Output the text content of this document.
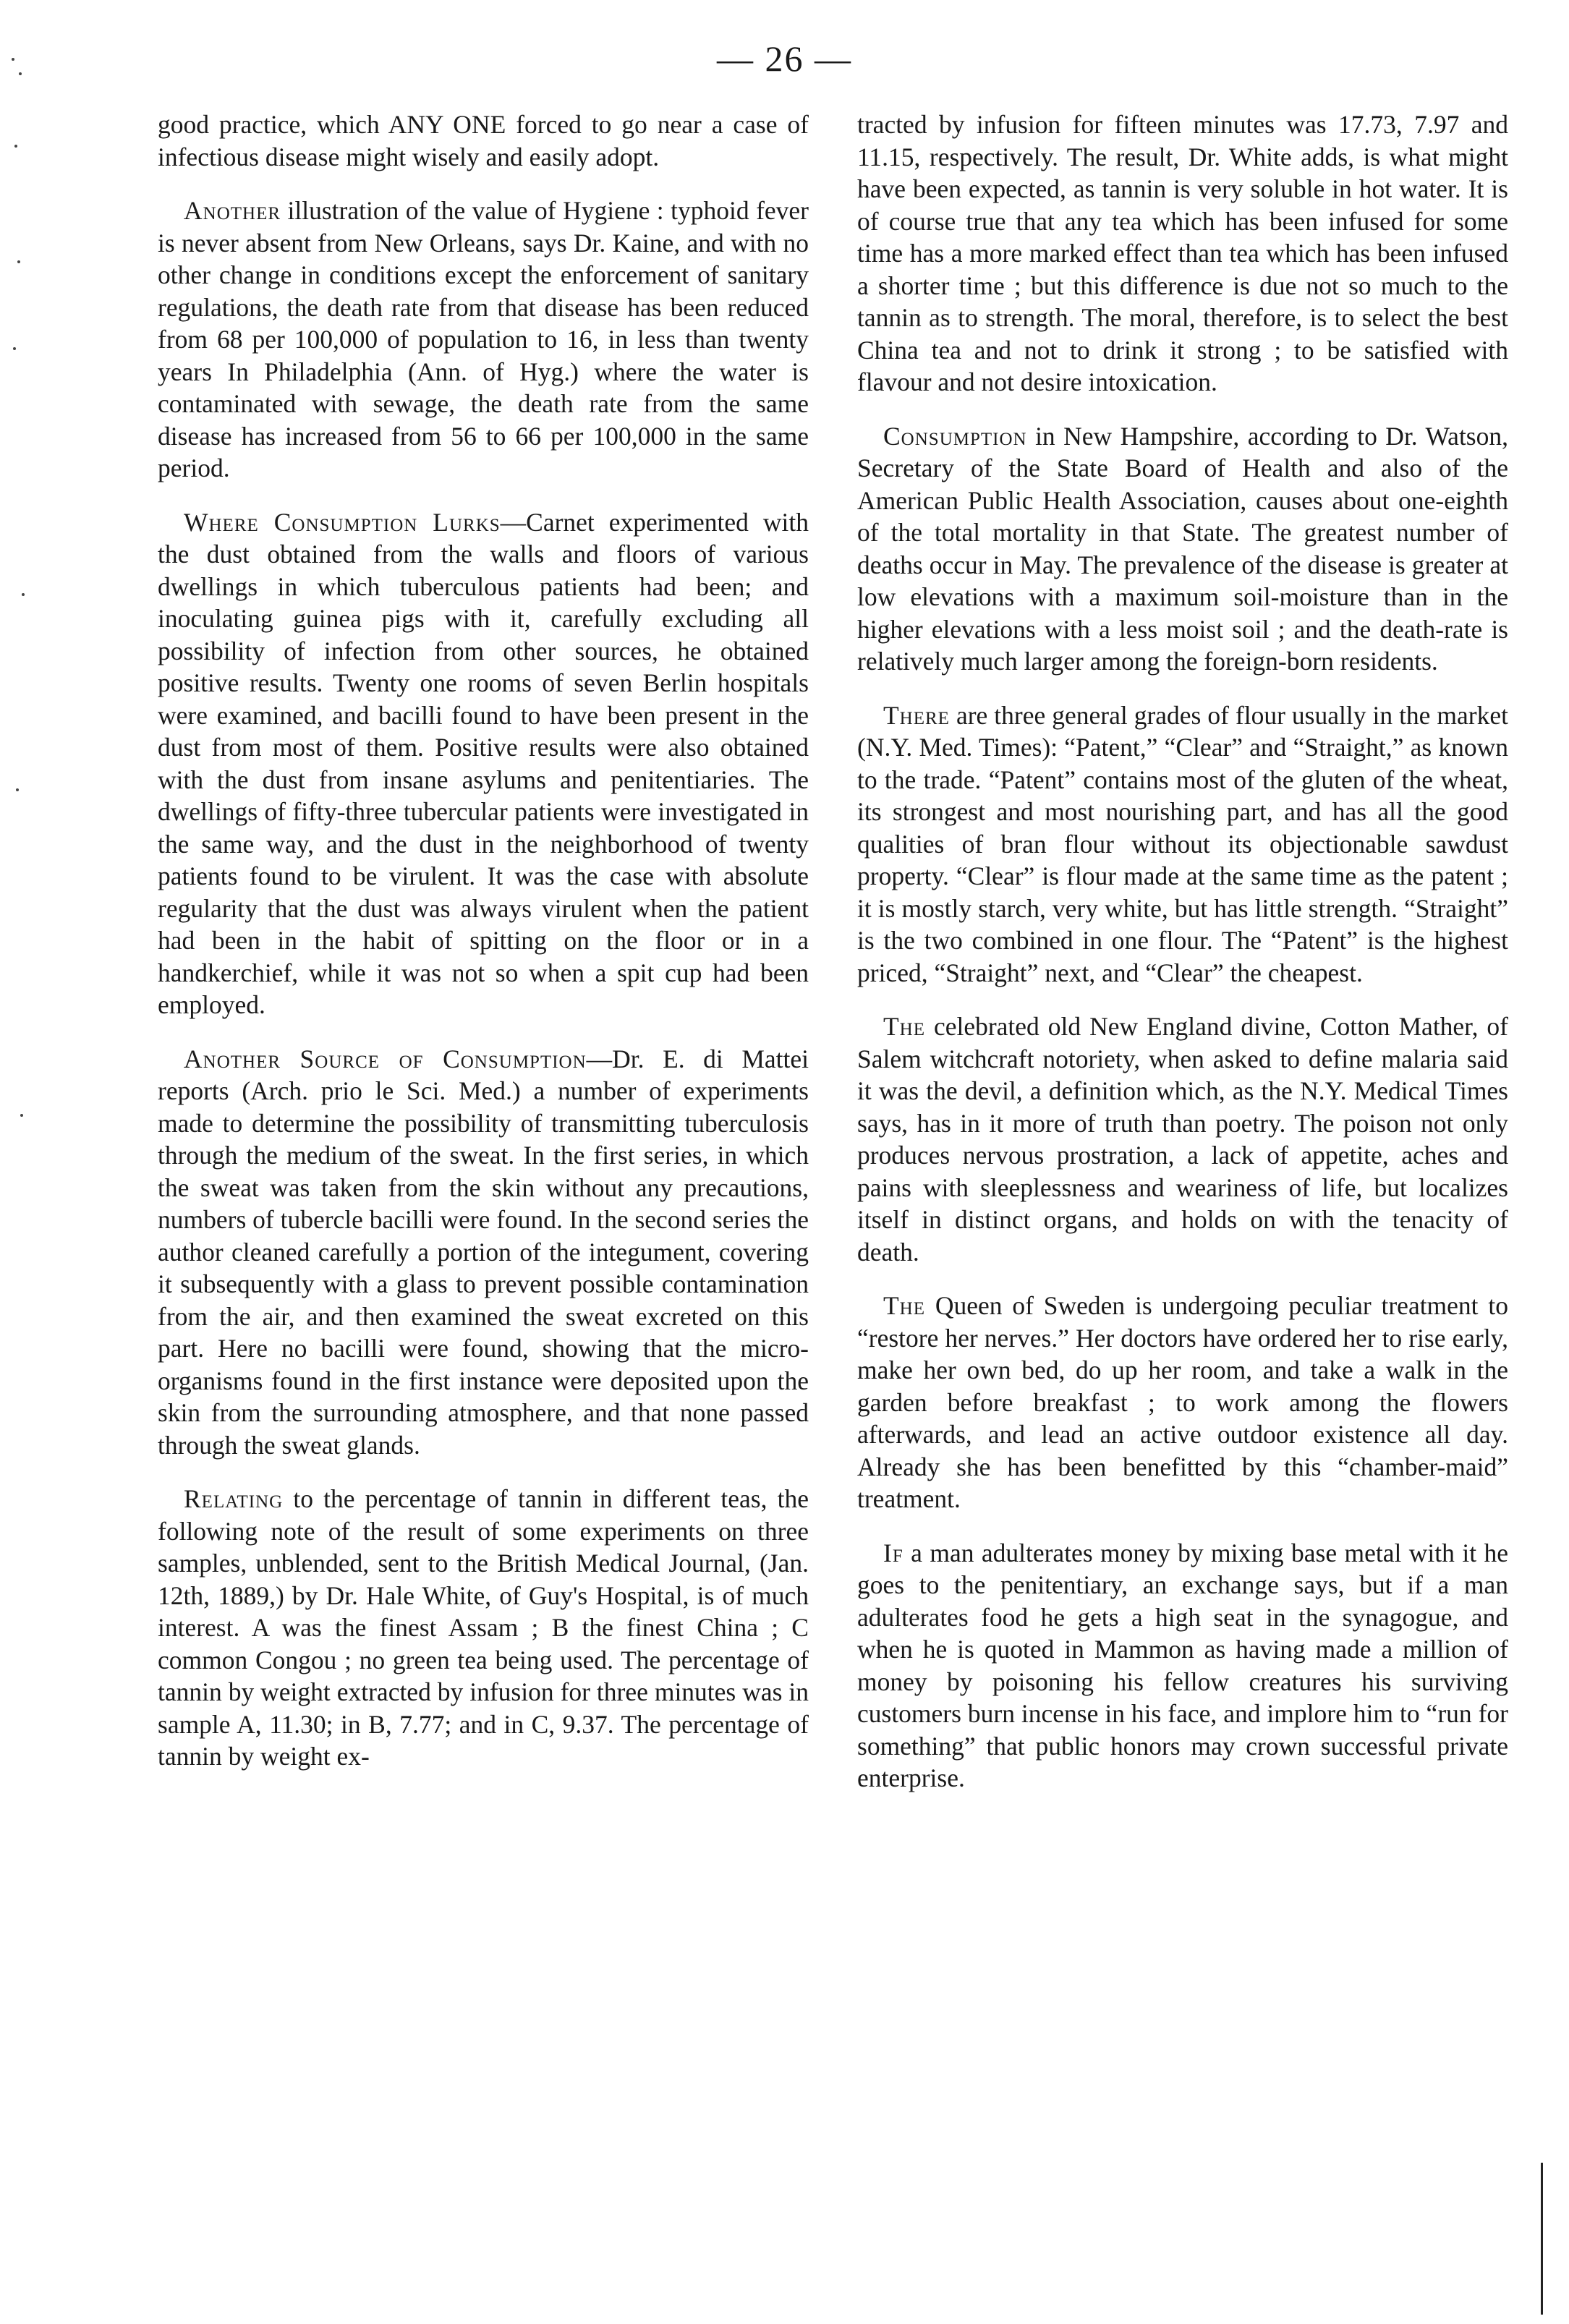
— 26 —

good practice, which ANY ONE forced to go near a case of infectious disease might wisely and easily adopt.

Another illustration of the value of Hygiene : typhoid fever is never absent from New Orleans, says Dr. Kaine, and with no other change in conditions except the enforcement of sanitary regulations, the death rate from that disease has been reduced from 68 per 100,000 of population to 16, in less than twenty years In Philadelphia (Ann. of Hyg.) where the water is contaminated with sewage, the death rate from the same disease has increased from 56 to 66 per 100,000 in the same period.

Where Consumption Lurks—Carnet experimented with the dust obtained from the walls and floors of various dwellings in which tuberculous patients had been; and inoculating guinea pigs with it, carefully excluding all possibility of infection from other sources, he obtained positive results. Twenty one rooms of seven Berlin hospitals were examined, and bacilli found to have been present in the dust from most of them. Positive results were also obtained with the dust from insane asylums and penitentiaries. The dwellings of fifty-three tubercular patients were investigated in the same way, and the dust in the neighborhood of twenty patients found to be virulent. It was the case with absolute regularity that the dust was always virulent when the patient had been in the habit of spitting on the floor or in a handkerchief, while it was not so when a spit cup had been employed.

Another Source of Consumption—Dr. E. di Mattei reports (Arch. prio le Sci. Med.) a number of experiments made to determine the possibility of transmitting tuberculosis through the medium of the sweat. In the first series, in which the sweat was taken from the skin without any precautions, numbers of tubercle bacilli were found. In the second series the author cleaned carefully a portion of the integument, covering it subsequently with a glass to prevent possible contamination from the air, and then examined the sweat excreted on this part. Here no bacilli were found, showing that the micro-organisms found in the first instance were deposited upon the skin from the surrounding atmosphere, and that none passed through the sweat glands.

Relating to the percentage of tannin in different teas, the following note of the result of some experiments on three samples, unblended, sent to the British Medical Journal, (Jan. 12th, 1889,) by Dr. Hale White, of Guy's Hospital, is of much interest. A was the finest Assam ; B the finest China ; C common Congou ; no green tea being used. The percentage of tannin by weight extracted by infusion for three minutes was in sample A, 11.30; in B, 7.77; and in C, 9.37. The percentage of tannin by weight ex-

tracted by infusion for fifteen minutes was 17.73, 7.97 and 11.15, respectively. The result, Dr. White adds, is what might have been expected, as tannin is very soluble in hot water. It is of course true that any tea which has been infused for some time has a more marked effect than tea which has been infused a shorter time ; but this difference is due not so much to the tannin as to strength. The moral, therefore, is to select the best China tea and not to drink it strong ; to be satisfied with flavour and not desire intoxication.

Consumption in New Hampshire, according to Dr. Watson, Secretary of the State Board of Health and also of the American Public Health Association, causes about one-eighth of the total mortality in that State. The greatest number of deaths occur in May. The prevalence of the disease is greater at low elevations with a maximum soil-moisture than in the higher elevations with a less moist soil ; and the death-rate is relatively much larger among the foreign-born residents.

There are three general grades of flour usually in the market (N.Y. Med. Times): “Patent,” “Clear” and “Straight,” as known to the trade. “Patent” contains most of the gluten of the wheat, its strongest and most nourishing part, and has all the good qualities of bran flour without its objectionable sawdust property. “Clear” is flour made at the same time as the patent ; it is mostly starch, very white, but has little strength. “Straight” is the two combined in one flour. The “Patent” is the highest priced, “Straight” next, and “Clear” the cheapest.

The celebrated old New England divine, Cotton Mather, of Salem witchcraft notoriety, when asked to define malaria said it was the devil, a definition which, as the N.Y. Medical Times says, has in it more of truth than poetry. The poison not only produces nervous prostration, a lack of appetite, aches and pains with sleeplessness and weariness of life, but localizes itself in distinct organs, and holds on with the tenacity of death.

The Queen of Sweden is undergoing peculiar treatment to “restore her nerves.” Her doctors have ordered her to rise early, make her own bed, do up her room, and take a walk in the garden before breakfast ; to work among the flowers afterwards, and lead an active outdoor existence all day. Already she has been benefitted by this “chamber-maid” treatment.

If a man adulterates money by mixing base metal with it he goes to the penitentiary, an exchange says, but if a man adulterates food he gets a high seat in the synagogue, and when he is quoted in Mammon as having made a million of money by poisoning his fellow creatures his surviving customers burn incense in his face, and implore him to “run for something” that public honors may crown successful private enterprise.
